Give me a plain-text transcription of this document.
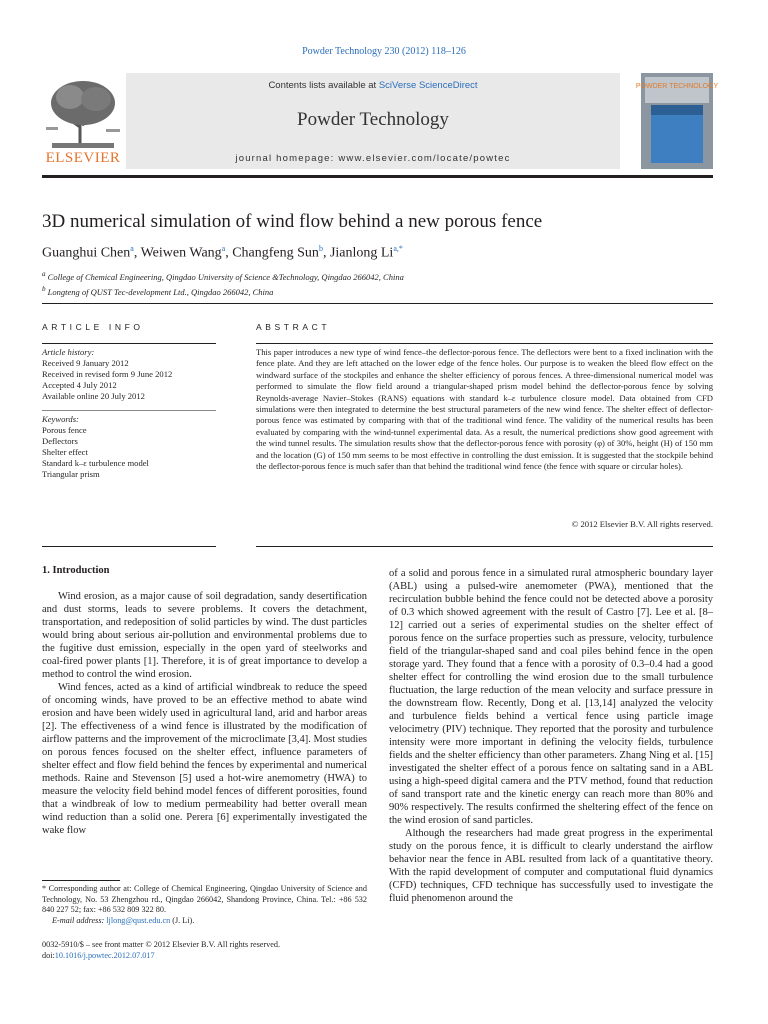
Powder Technology 230 (2012) 118–126
ELSEVIER
Contents lists available at SciVerse ScienceDirect
Powder Technology
journal homepage: www.elsevier.com/locate/powtec
POWDER TECHNOLOGY
3D numerical simulation of wind flow behind a new porous fence
Guanghui Chen$^a$, Weiwen Wang$^a$, Changfeng Sun$^b$, Jianlong $Li^{a,*}$
$^a$ College of Chemical Engineering, Qingdao University of Science &Technology, Qingdao 266042, China
$^b$ Longteng of QUST Tec-development Ltd., Qingdao 266042, China
ARTICLE INFO	ABSTRACT
Article history:
Received 9 January 2012
Received in revised form 9 June 2012
Accepted 4 July 2012
Available online 20 July 2012
Keywords:
Porous fence
Deflectors
Shelter effect
Standard k–ε turbulence model
Triangular prism
This paper introduces a new type of wind fence–the deflector-porous fence. The deflectors were bent to a fixed inclination with the fence plate. And they are left attached on the lower edge of the fence holes. Our purpose is to weaken the bleed flow effect on the windward surface of the stockpiles and enhance the shelter efficiency of porous fences. A three-dimensional numerical model was performed to simulate the flow field around a triangular-shaped prism model behind the deflector-porous fence by solving Reynolds-average Navier–Stokes (RANS) equations with standard k–ε turbulence closure model. Data obtained from CFD simulations were then integrated to determine the best structural parameters of the new wind fence. The shelter effect of deflector-porous fence was estimated by comparing with that of the traditional wind fence. The validity of the numerical results has been evaluated by comparing with the wind-tunnel experimental data. As a result, the numerical predictions show good agreement with the wind tunnel results. The simulation results show that the deflector-porous fence with porosity (φ) of 30%, height (H) of 150 mm and the location (G) of 150 mm seems to be most effective in controlling the dust emission. It is suggested that the stockpile behind the deflector-porous fence is much safer than that behind the traditional wind fence (the fence with square or circular holes).
© 2012 Elsevier B.V. All rights reserved.

1. Introduction

Wind erosion, as a major cause of soil degradation, sandy desertification and dust storms, leads to severe problems. It covers the detachment, transportation, and redeposition of solid particles by wind. The dust particles would bring about serious air-pollution and environmental problems due to the fugitive dust emission, especially in the open yard of steelworks and coal-fired power plants [1]. Therefore, it is of great importance to develop a method to control the wind erosion.

Wind fences, acted as a kind of artificial windbreak to reduce the speed of oncoming winds, have proved to be an effective method to abate wind erosion and have been widely used in agricultural land, arid and harbor areas [2]. The effectiveness of a wind fence is illustrated by the modification of airflow patterns and the improvement of the microclimate [3,4]. Most studies on porous fences focused on the shelter effect, influence parameters of shelter effect and flow field behind the fences by experimental and numerical methods. Raine and Stevenson [5] used a hot-wire anemometry (HWA) to measure the velocity field behind model fences of different porosities, found that a windbreak of low to medium permeability had better overall mean wind reduction than a solid one. Perera [6] experimentally investigated the wake flow

of a solid and porous fence in a simulated rural atmospheric boundary layer (ABL) using a pulsed-wire anemometer (PWA), mentioned that the recirculation bubble behind the fence could not be detected above a porosity of 0.3 which showed agreement with the result of Castro [7]. Lee et al. [8–12] carried out a series of experimental studies on the shelter effect of porous fence on the surface properties such as pressure, velocity, turbulence field of the triangular-shaped sand and coal piles behind fence in the open storage yard. They found that a fence with a porosity of 0.3–0.4 had a good shelter effect for controlling the wind erosion due to the small turbulence fluctuation, the large reduction of the mean velocity and surface pressure in the downstream flow. Recently, Dong et al. [13,14] analyzed the velocity and turbulence fields behind a vertical fence using particle image velocimetry (PIV) technique. They reported that the porosity and turbulence intensity were more important in defining the velocity fields, turbulence fields and the shelter efficiency than other parameters. Zhang Ning et al. [15] investigated the shelter effect of a porous fence on saltating sand in a ABL using a high-speed digital camera and the PTV method, found that reduction of sand transport rate and the kinetic energy can reach more than 80% and 90% respectively. The results confirmed the sheltering effect of the fence on the wind erosion of sand particles.

Although the researchers had made great progress in the experimental study on the porous fence, it is difficult to clearly understand the airflow behavior near the fence in ABL resulted from lack of a quantitative theory. With the rapid development of computer and computational fluid dynamics (CFD) techniques, CFD technique has successfully used to investigate the fluid phenomenon around the

* Corresponding author at: College of Chemical Engineering, Qingdao University of Science and Technology, No. 53 Zhengzhou rd., Qingdao 266042, Shandong Province, China. Tel.: +86 532 840 227 52; fax: +86 532 809 322 80.
E-mail address: ljlong@qust.edu.cn (J. Li).
0032-5910/$ – see front matter © 2012 Elsevier B.V. All rights reserved.
doi:10.1016/j.powtec.2012.07.017
